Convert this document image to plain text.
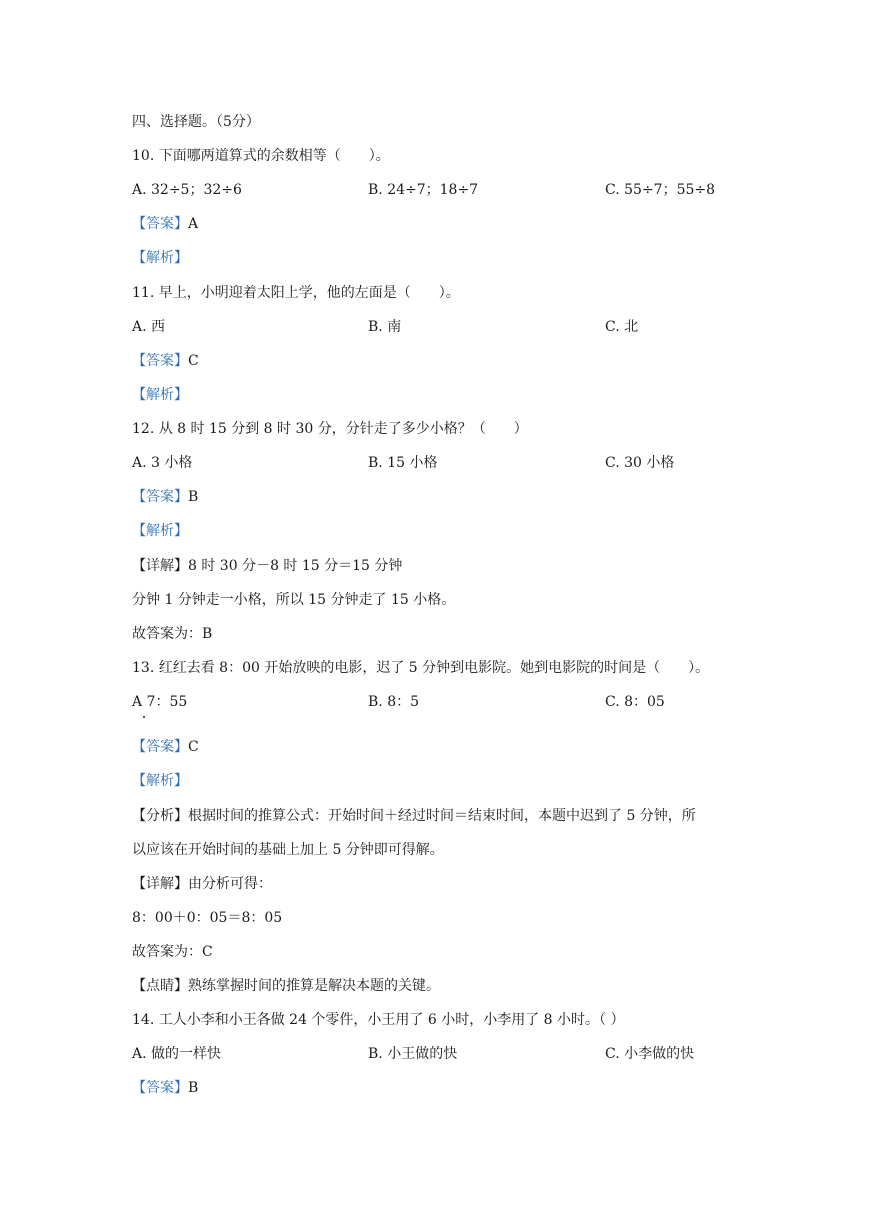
四、选择题。（5分）
10. 下面哪两道算式的余数相等（　　）。
A. 32÷5；32÷6	B. 24÷7；18÷7	C. 55÷7；55÷8
【答案】A
【解析】
11. 早上，小明迎着太阳上学，他的左面是（　　）。
A. 西	B. 南	C. 北
【答案】C
【解析】
12. 从 8 时 15 分到 8 时 30 分，分针走了多少小格？（　　）
A. 3 小格	B. 15 小格	C. 30 小格
【答案】B
【解析】
【详解】8 时 30 分－8 时 15 分＝15 分钟
分钟 1 分钟走一小格，所以 15 分钟走了 15 小格。
故答案为：B
13. 红红去看 8：00 开始放映的电影，迟了 5 分钟到电影院。她到电影院的时间是（　　）。
A 7：55	B. 8：5	C. 8：05
【答案】C
【解析】
【分析】根据时间的推算公式：开始时间＋经过时间＝结束时间，本题中迟到了 5 分钟，所
以应该在开始时间的基础上加上 5 分钟即可得解。
【详解】由分析可得：
8：00＋0：05＝8：05
故答案为：C
【点睛】熟练掌握时间的推算是解决本题的关键。
14. 工人小李和小王各做 24 个零件，小王用了 6 小时，小李用了 8 小时。（ ）
A. 做的一样快	B. 小王做的快	C. 小李做的快
【答案】B
